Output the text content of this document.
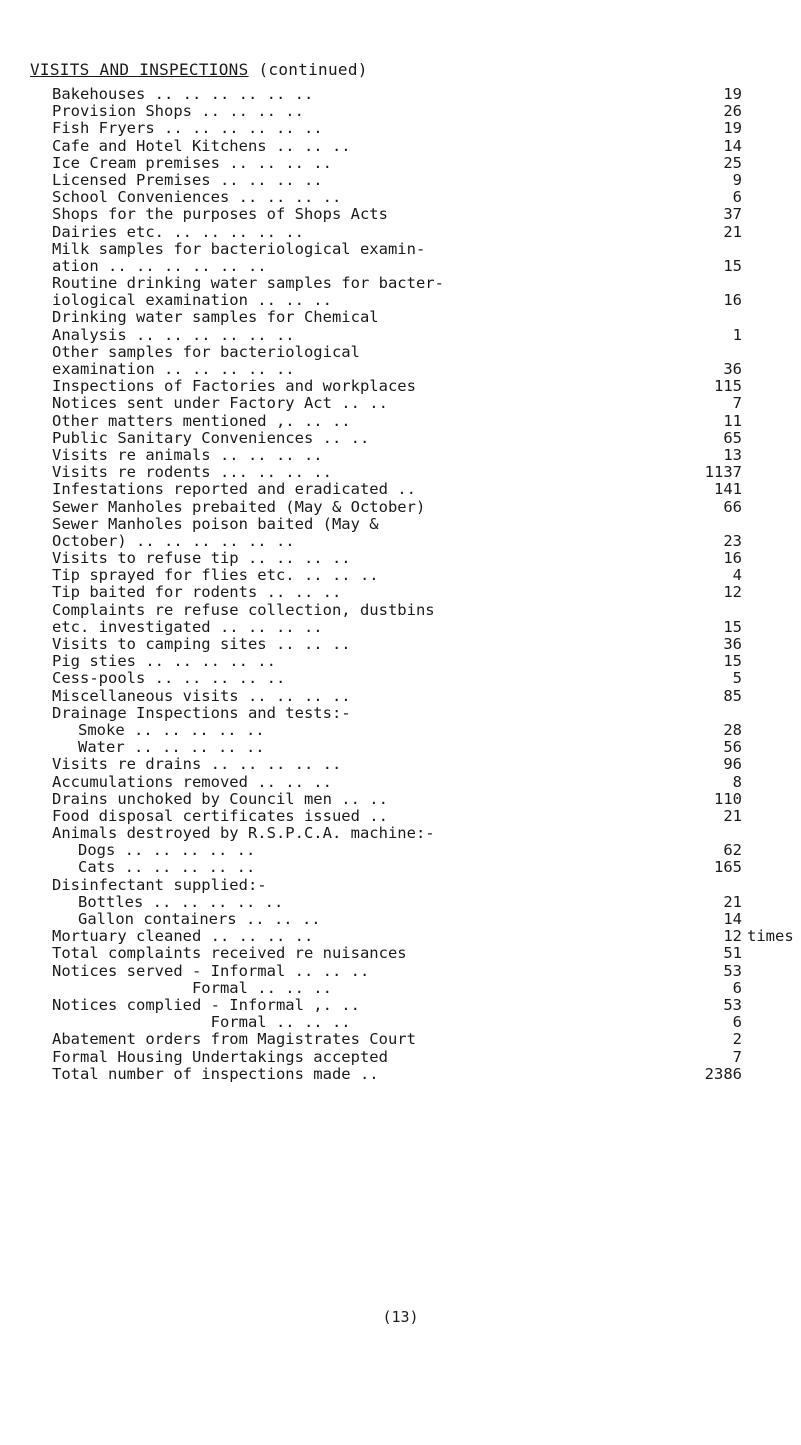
VISITS AND INSPECTIONS (continued)
Bakehouses .. .. .. .. .. ..	19
Provision Shops .. .. .. ..	26
Fish Fryers .. .. .. .. .. ..	19
Cafe and Hotel Kitchens .. .. ..	14
Ice Cream premises .. .. .. ..	25
Licensed Premises .. .. .. ..	9
School Conveniences .. .. .. ..	6
Shops for the purposes of Shops Acts	37
Dairies etc. .. .. .. .. ..	21
Milk samples for bacteriological examin-
ation .. .. .. .. .. ..	15
Routine drinking water samples for bacter-
iological examination .. .. ..	16
Drinking water samples for Chemical
Analysis .. .. .. .. .. ..	1
Other samples for bacteriological
examination .. .. .. .. ..	36
Inspections of Factories and workplaces	115
Notices sent under Factory Act .. ..	7
Other matters mentioned ,. .. ..	11
Public Sanitary Conveniences .. ..	65
Visits re animals .. .. .. ..	13
Visits re rodents ... .. .. ..	1137
Infestations reported and eradicated ..	141
Sewer Manholes prebaited (May & October)	66
Sewer Manholes poison baited (May &
October) .. .. .. .. .. ..	23
Visits to refuse tip .. .. .. ..	16
Tip sprayed for flies etc. .. .. ..	4
Tip baited for rodents .. .. ..	12
Complaints re refuse collection, dustbins
etc. investigated .. .. .. ..	15
Visits to camping sites .. .. ..	36
Pig sties .. .. .. .. ..	15
Cess-pools .. .. .. .. ..	5
Miscellaneous visits .. .. .. ..	85
Drainage Inspections and tests:-
Smoke .. .. .. .. ..	28
Water .. .. .. .. ..	56
Visits re drains .. .. .. .. ..	96
Accumulations removed .. .. ..	8
Drains unchoked by Council men .. ..	110
Food disposal certificates issued ..	21
Animals destroyed by R.S.P.C.A. machine:-
Dogs .. .. .. .. ..	62
Cats .. .. .. .. ..	165
Disinfectant supplied:-
Bottles .. .. .. .. ..	21
Gallon containers .. .. ..	14
Mortuary cleaned .. .. .. ..	12 times
Total complaints received re nuisances	51
Notices served - Informal .. .. ..	53
Formal .. .. ..	6
Notices complied - Informal ,. ..	53
Formal .. .. ..	6
Abatement orders from Magistrates Court	2
Formal Housing Undertakings accepted	7
Total number of inspections made ..	2386
(13)
